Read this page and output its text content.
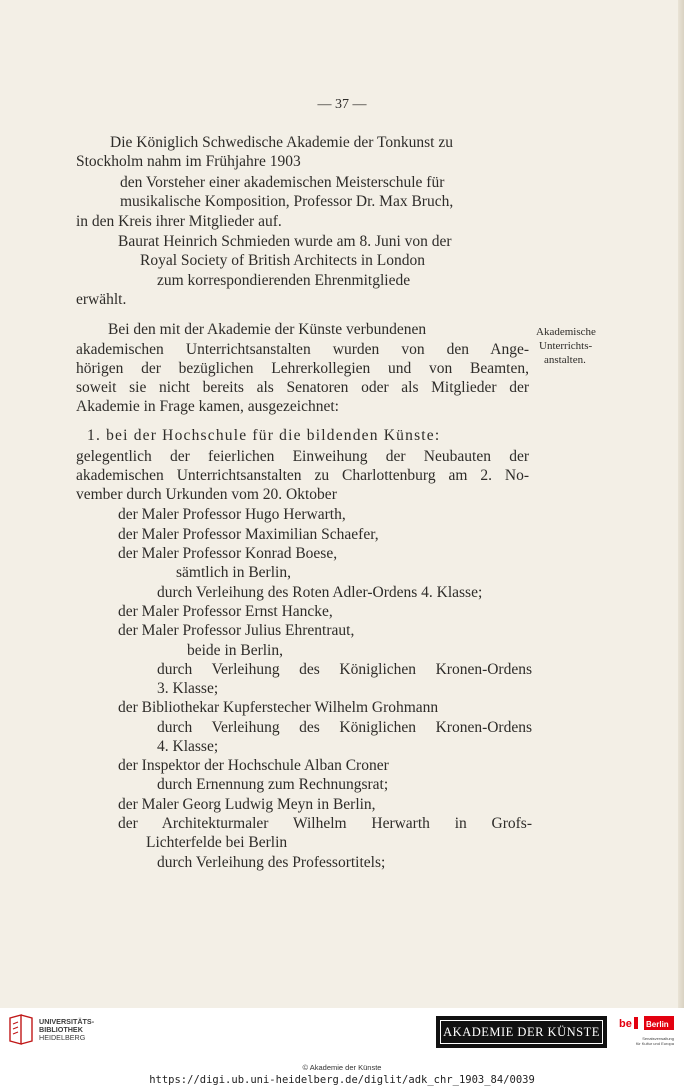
— 37 —
Die Königlich Schwedische Akademie der Tonkunst zu
Stockholm nahm im Frühjahre 1903
den Vorsteher einer akademischen Meisterschule für
musikalische Komposition, Professor Dr. Max Bruch,
in den Kreis ihrer Mitglieder auf.
Baurat Heinrich Schmieden wurde am 8. Juni von der
Royal Society of British Architects in London
zum korrespondierenden Ehrenmitgliede
erwählt.
Bei den mit der Akademie der Künste verbundenen
akademischen Unterrichtsanstalten wurden von den Ange-
hörigen der bezüglichen Lehrerkollegien und von Beamten,
soweit sie nicht bereits als Senatoren oder als Mitglieder der
Akademie in Frage kamen, ausgezeichnet:
1. bei der Hochschule für die bildenden Künste:
gelegentlich der feierlichen Einweihung der Neubauten der
akademischen Unterrichtsanstalten zu Charlottenburg am 2. No-
vember durch Urkunden vom 20. Oktober
der Maler Professor Hugo Herwarth,
der Maler Professor Maximilian Schaefer,
der Maler Professor Konrad Boese,
sämtlich in Berlin,
durch Verleihung des Roten Adler-Ordens 4. Klasse;
der Maler Professor Ernst Hancke,
der Maler Professor Julius Ehrentraut,
beide in Berlin,
durch Verleihung des Königlichen Kronen-Ordens
3. Klasse;
der Bibliothekar Kupferstecher Wilhelm Grohmann
durch Verleihung des Königlichen Kronen-Ordens
4. Klasse;
der Inspektor der Hochschule Alban Croner
durch Ernennung zum Rechnungsrat;
der Maler Georg Ludwig Meyn in Berlin,
der Architekturmaler Wilhelm Herwarth in Grofs-
Lichterfelde bei Berlin
durch Verleihung des Professortitels;
Akademische
Unterrichts-
anstalten.
UNIVERSITÄTS-
BIBLIOTHEK
HEIDELBERG	AKADEMIE DER KÜNSTE
be Berlin
Senatsverwaltung
für Kultur und Europa
© Akademie der Künste
https://digi.ub.uni-heidelberg.de/diglit/adk_chr_1903_84/0039
